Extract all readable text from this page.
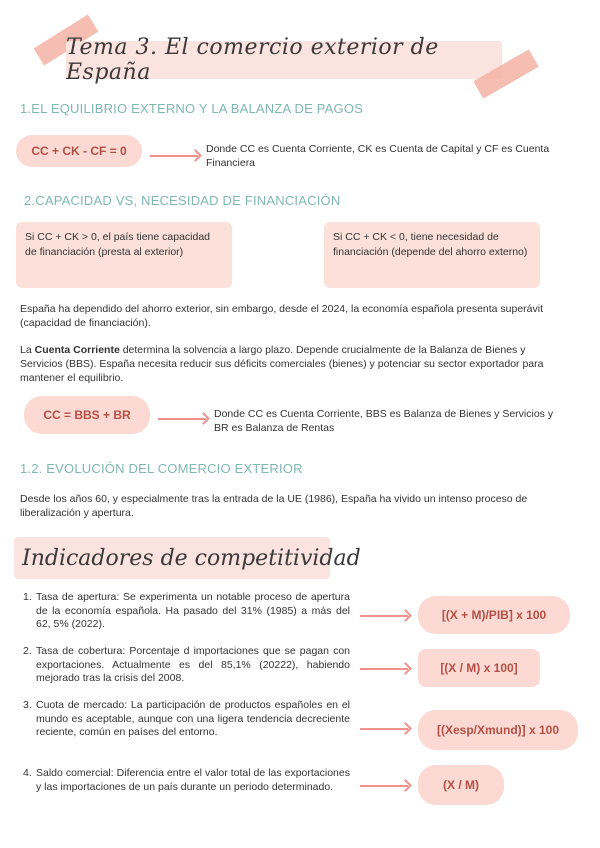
Tema 3. El comercio exterior de España
1.EL EQUILIBRIO EXTERNO Y LA BALANZA DE PAGOS
CC + CK - CF = 0	Donde CC es Cuenta Corriente, CK es Cuenta de Capital y CF es Cuenta Financiera
2.CAPACIDAD VS, NECESIDAD DE FINANCIACIÓN
Si CC + CK > 0, el país tiene capacidad de financiación (presta al exterior)
Si CC + CK < 0, tiene necesidad de financiación (depende del ahorro externo)
España ha dependido del ahorro exterior, sin embargo, desde el 2024, la economía española presenta superávit (capacidad de financiación).
La Cuenta Corriente determina la solvencia a largo plazo. Depende crucialmente de la Balanza de Bienes y Servicios (BBS). España necesita reducir sus déficits comerciales (bienes) y potenciar su sector exportador para mantener el equilibrio.
CC = BBS + BR	Donde CC es Cuenta Corriente, BBS es Balanza de Bienes y Servicios y BR es Balanza de Rentas
1.2. EVOLUCIÓN DEL COMERCIO EXTERIOR
Desde los años 60, y especialmente tras la entrada de la UE (1986), España ha vivido un intenso proceso de liberalización y apertura.
Indicadores de competitividad
1. Tasa de apertura: Se experimenta un notable proceso de apertura de la economía española. Ha pasado del 31% (1985) a más del 62, 5% (2022).
[(X + M)/PIB] x 100
2. Tasa de cobertura: Porcentaje d importaciones que se pagan con exportaciones. Actualmente es del 85,1% (20222), habiendo mejorado tras la crisis del 2008.
[(X / M) x 100]
3. Cuota de mercado: La participación de productos españoles en el mundo es aceptable, aunque con una ligera tendencia decreciente reciente, común en países del entorno.	[(Xesp/Xmund)] x 100
4. Saldo comercial: Diferencia entre el valor total de las exportaciones y las importaciones de un país durante un periodo determinado.	(X / M)
